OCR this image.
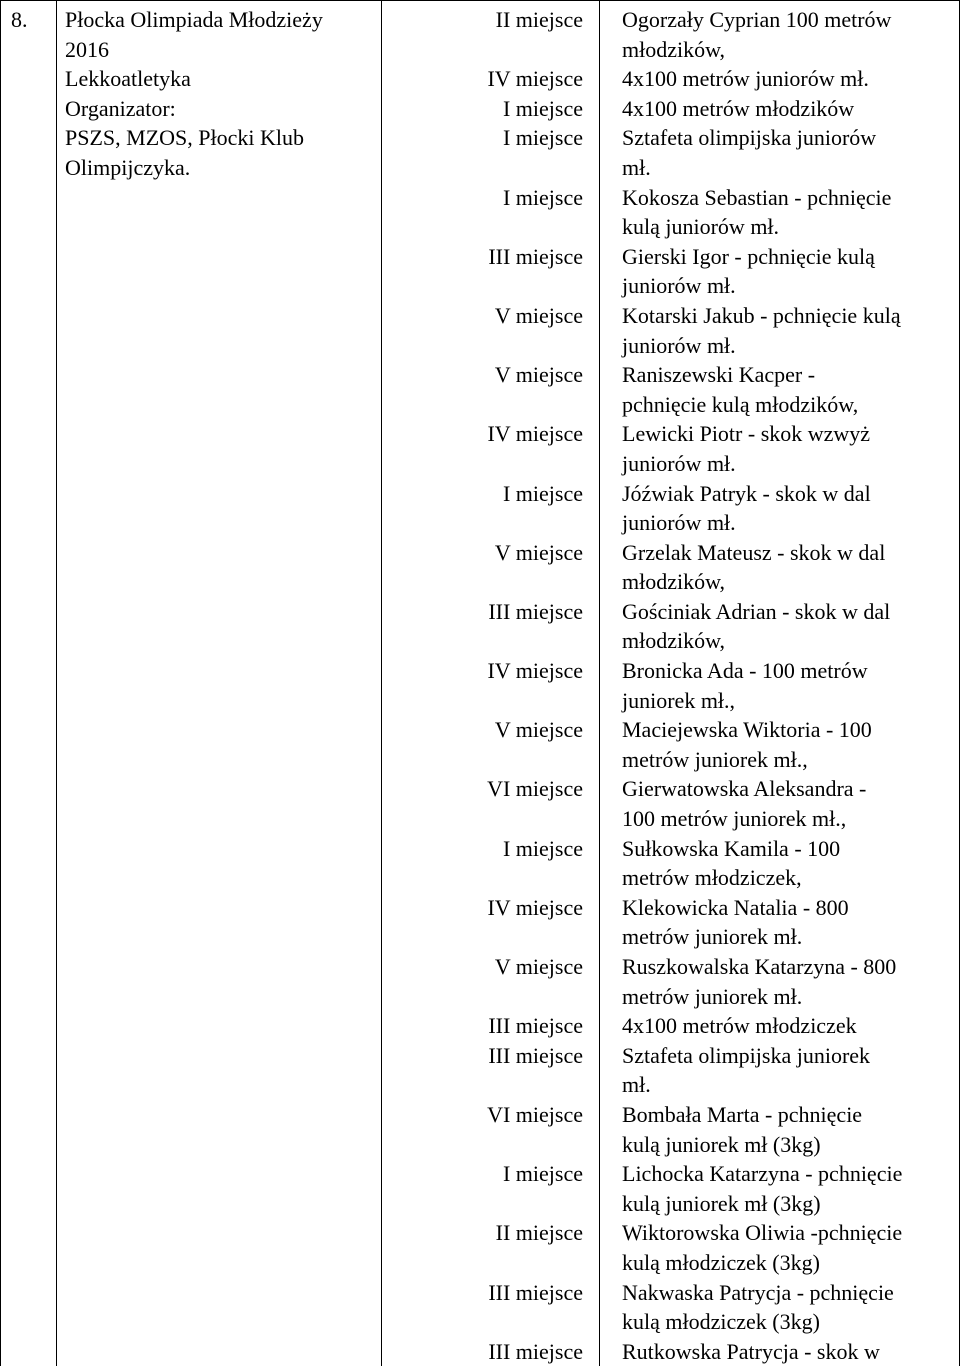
8. Płocka Olimpiada Młodzieży
2016
Lekkoatletyka
Organizator:
PSZS, MZOS, Płocki Klub
Olimpijczyka.
II miejsce
IV miejsce
I miejsce
I miejsce
I miejsce
III miejsce
V miejsce
V miejsce
IV miejsce
I miejsce
V miejsce
III miejsce
IV miejsce
V miejsce
VI miejsce
I miejsce
IV miejsce
V miejsce
III miejsce
III miejsce
VI miejsce
I miejsce
II miejsce
III miejsce
III miejsce
Ogorzały Cyprian 100 metrów
młodzików,
4x100 metrów juniorów mł.
4x100 metrów młodzików
Sztafeta olimpijska juniorów
mł.
Kokosza Sebastian - pchnięcie
kulą juniorów mł.
Gierski Igor - pchnięcie kulą
juniorów mł.
Kotarski Jakub - pchnięcie kulą
juniorów mł.
Raniszewski Kacper -
pchnięcie kulą młodzików,
Lewicki Piotr - skok wzwyż
juniorów mł.
Jóźwiak Patryk - skok w dal
juniorów mł.
Grzelak Mateusz - skok w dal
młodzików,
Gościniak Adrian - skok w dal
młodzików,
Bronicka Ada - 100 metrów
juniorek mł.,
Maciejewska Wiktoria - 100
metrów juniorek mł.,
Gierwatowska Aleksandra -
100 metrów juniorek mł.,
Sułkowska Kamila - 100
metrów młodziczek,
Klekowicka Natalia - 800
metrów juniorek mł.
Ruszkowalska Katarzyna - 800
metrów juniorek mł.
4x100 metrów młodziczek
Sztafeta olimpijska juniorek
mł.
Bombała Marta - pchnięcie
kulą juniorek mł (3kg)
Lichocka Katarzyna - pchnięcie
kulą juniorek mł (3kg)
Wiktorowska Oliwia -pchnięcie
kulą młodziczek (3kg)
Nakwaska Patrycja - pchnięcie
kulą młodziczek (3kg)
Rutkowska Patrycja - skok w
